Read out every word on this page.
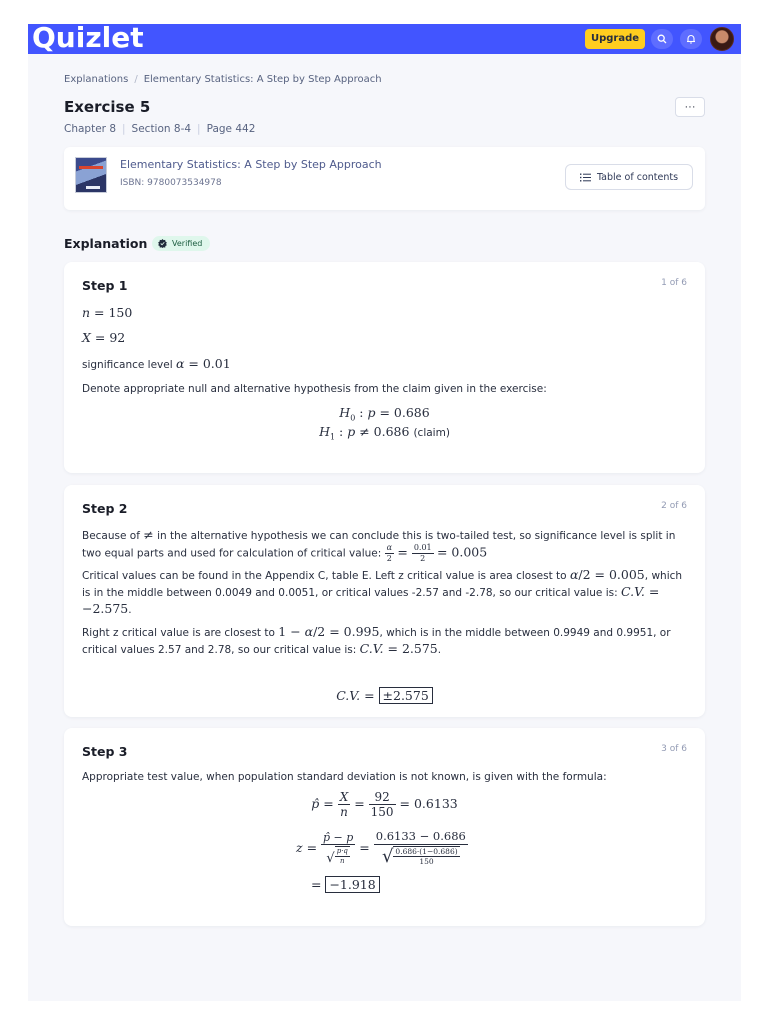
Quizlet	Upgrade
Explanations / Elementary Statistics: A Step by Step Approach
Exercise 5	···
Chapter 8 | Section 8-4 | Page 442
Elementary Statistics: A Step by Step Approach
ISBN: 9780073534978
Table of contents
Explanation	Verified
Step 1	1 of 6
n = 150
X = 92
significance level α = 0.01
Denote appropriate null and alternative hypothesis from the claim given in the exercise:
$H_0$ : p = 0.686
$H_1$ : p ≠ 0.686 (claim)
Step 2	2 of 6
Because of ≠ in the alternative hypothesis we can conclude this is two-tailed test, so significance level is split in two equal parts and used for calculation of critical value: $\frac{\alpha}{2} = \frac{0.01}{2} = 0.005$
Critical values can be found in the Appendix C, table E. Left z critical value is area closest to α/2 = 0.005, which is in the middle between 0.0049 and 0.0051, or critical values -2.57 and -2.78, so our critical value is: C.V. = −2.575.
Right z critical value is are closest to 1 − α/2 = 0.995, which is in the middle between 0.9949 and 0.9951, or critical values 2.57 and 2.78, so our critical value is: C.V. = 2.575.
C.V. = ±2.575
Step 3	3 of 6
Appropriate test value, when population standard deviation is not known, is given with the formula:
p̂ = $\frac{X}{n} = \frac{92}{150} = 0.6133$
$z = \frac{p̂ - p}{√ \frac{p\cdot q}{n}} = \frac{0.6133 - 0.686}{√ \frac{0.686\cdot(1-0.686)}{150}}$
= −1.918
